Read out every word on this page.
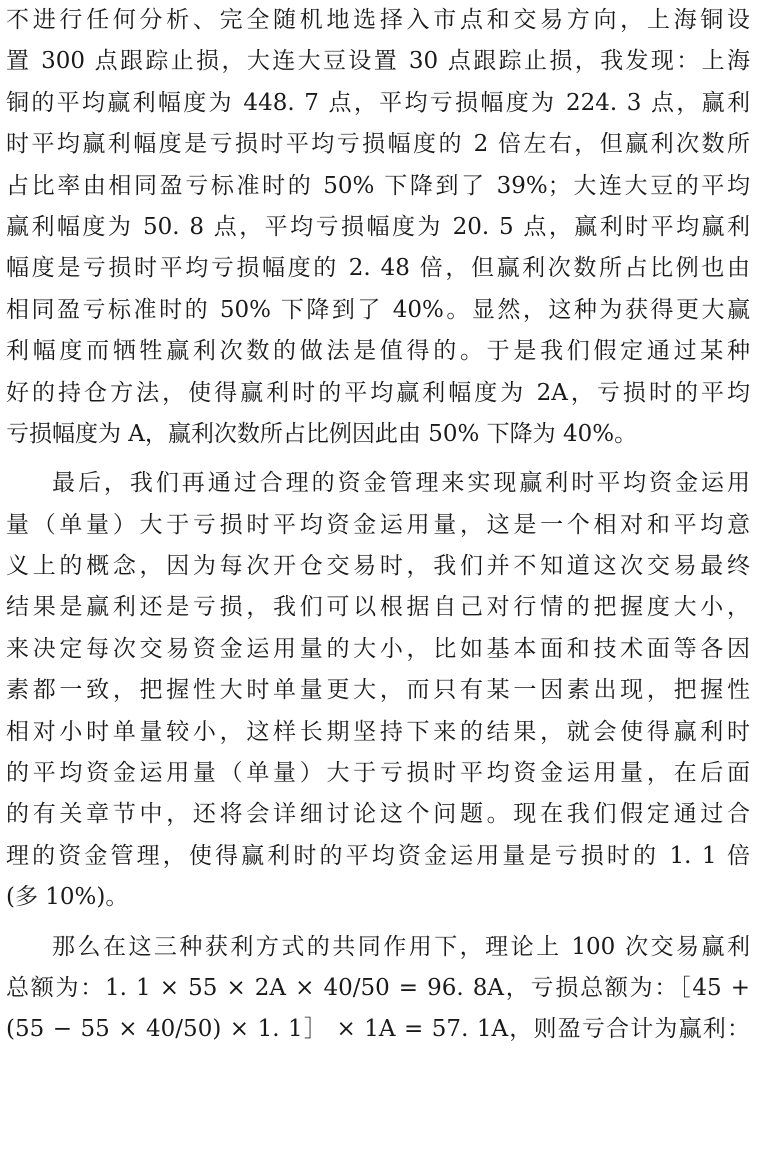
不进行任何分析、完全随机地选择入市点和交易方向，上海铜设
置 300 点跟踪止损，大连大豆设置 30 点跟踪止损，我发现：上海
铜的平均赢利幅度为 448. 7 点，平均亏损幅度为 224. 3 点，赢利
时平均赢利幅度是亏损时平均亏损幅度的 2 倍左右，但赢利次数所
占比率由相同盈亏标准时的 50% 下降到了 39%；大连大豆的平均
赢利幅度为 50. 8 点，平均亏损幅度为 20. 5 点，赢利时平均赢利
幅度是亏损时平均亏损幅度的 2. 48 倍，但赢利次数所占比例也由
相同盈亏标准时的 50% 下降到了 40%。显然，这种为获得更大赢
利幅度而牺牲赢利次数的做法是值得的。于是我们假定通过某种
好的持仓方法，使得赢利时的平均赢利幅度为 2A，亏损时的平均
亏损幅度为 A，赢利次数所占比例因此由 50% 下降为 40%。
最后，我们再通过合理的资金管理来实现赢利时平均资金运用
量（单量）大于亏损时平均资金运用量，这是一个相对和平均意
义上的概念，因为每次开仓交易时，我们并不知道这次交易最终
结果是赢利还是亏损，我们可以根据自己对行情的把握度大小，
来决定每次交易资金运用量的大小，比如基本面和技术面等各因
素都一致，把握性大时单量更大，而只有某一因素出现，把握性
相对小时单量较小，这样长期坚持下来的结果，就会使得赢利时
的平均资金运用量（单量）大于亏损时平均资金运用量，在后面
的有关章节中，还将会详细讨论这个问题。现在我们假定通过合
理的资金管理，使得赢利时的平均资金运用量是亏损时的 1. 1 倍
(多 10%)。
那么在这三种获利方式的共同作用下，理论上 100 次交易赢利
总额为：1. 1 × 55 × 2A × 40/50 = 96. 8A，亏损总额为：［45 +
(55 − 55 × 40/50) × 1. 1］ × 1A = 57. 1A，则盈亏合计为赢利：
